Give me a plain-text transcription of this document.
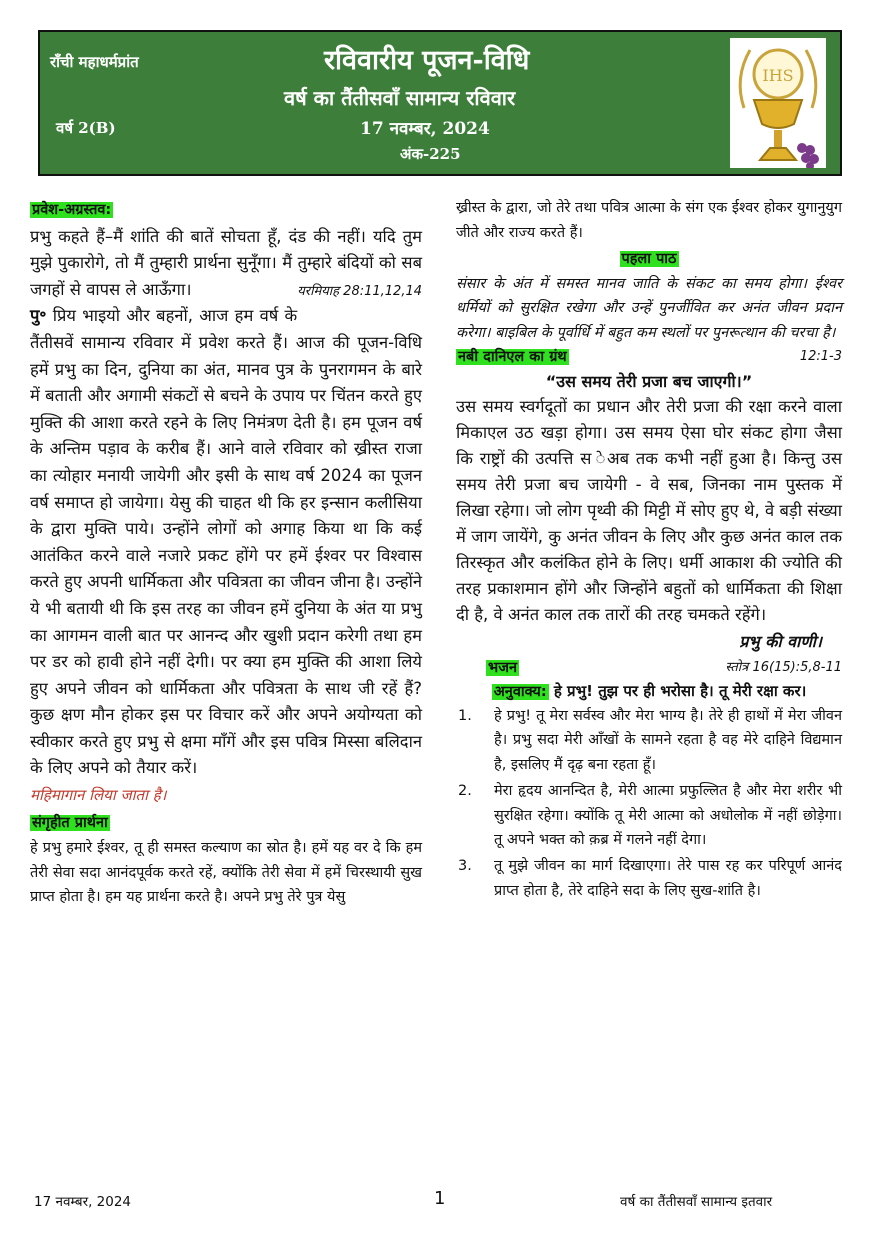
राँची महाधर्मप्रांत	रविवारीय पूजन-विधि
वर्ष का तैंतीसवाँ सामान्य रविवार
वर्ष 2(B)	17 नवम्बर, 2024
अंक-225
IHS

प्रवेश-अग्रस्तव:

प्रभु कहते हैं–मैं शांति की बातें सोचता हूँ, दंड की नहीं। यदि तुम मुझे पुकारोगे, तो मैं तुम्हारी प्रार्थना सुनूँगा। मैं तुम्हारे बंदियों को सब जगहों से वापस ले आऊँगा।	यरमियाह 28:11,12,14

पु॰ प्रिय भाइयो और बहनों, आज हम वर्ष के तैंतीसवें सामान्य रविवार में प्रवेश करते हैं। आज की पूजन-विधि हमें प्रभु का दिन, दुनिया का अंत, मानव पुत्र के पुनरागमन के बारे में बताती और अगामी संकटों से बचने के उपाय पर चिंतन करते हुए मुक्ति की आशा करते रहने के लिए निमंत्रण देती है। हम पूजन वर्ष के अन्तिम पड़ाव के करीब हैं। आने वाले रविवार को ख्रीस्त राजा का त्योहार मनायी जायेगी और इसी के साथ वर्ष 2024 का पूजन वर्ष समाप्त हो जायेगा। येसु की चाहत थी कि हर इन्सान कलीसिया के द्वारा मुक्ति पाये। उन्होंने लोगों को अगाह किया था कि कई आतंकित करने वाले नजारे प्रकट होंगे पर हमें ईश्वर पर विश्वास करते हुए अपनी धार्मिकता और पवित्रता का जीवन जीना है। उन्होंने ये भी बतायी थी कि इस तरह का जीवन हमें दुनिया के अंत या प्रभु का आगमन वाली बात पर आनन्द और खुशी प्रदान करेगी तथा हम पर डर को हावी होने नहीं देगी। पर क्या हम मुक्ति की आशा लिये हुए अपने जीवन को धार्मिकता और पवित्रता के साथ जी रहें हैं? कुछ क्षण मौन होकर इस पर विचार करें और अपने अयोग्यता को स्वीकार करते हुए प्रभु से क्षमा माँगें और इस पवित्र मिस्सा बलिदान के लिए अपने को तैयार करें।

महिमागान लिया जाता है।

संगृहीत प्रार्थना

हे प्रभु हमारे ईश्वर, तू ही समस्त कल्याण का स्रोत है। हमें यह वर दे कि हम तेरी सेवा सदा आनंदपूर्वक करते रहें, क्योंकि तेरी सेवा में हमें चिरस्थायी सुख प्राप्त होता है। हम यह प्रार्थना करते है। अपने प्रभु तेरे पुत्र येसु

ख्रीस्त के द्वारा, जो तेरे तथा पवित्र आत्मा के संग एक ईश्वर होकर युगानुयुग जीते और राज्य करते हैं।

पहला पाठ

संसार के अंत में समस्त मानव जाति के संकट का समय होगा। ईश्वर धर्मियों को सुरक्षित रखेगा और उन्हें पुनर्जीवित कर अनंत जीवन प्रदान करेगा। बाइबिल के पूर्वार्धि में बहुत कम स्थलों पर पुनरूत्थान की चरचा है।

नबी दानिएल का ग्रंथ	12:1-3

“उस समय तेरी प्रजा बच जाएगी।”

उस समय स्वर्गदूतों का प्रधान और तेरी प्रजा की रक्षा करने वाला मिकाएल उठ खड़ा होगा। उस समय ऐसा घोर संकट होगा जैसा कि राष्ट्रों की उत्पत्ति स ेअब तक कभी नहीं हुआ है। किन्तु उस समय तेरी प्रजा बच जायेगी - वे सब, जिनका नाम पुस्तक में लिखा रहेगा। जो लोग पृथ्वी की मिट्टी में सोए हुए थे, वे बड़ी संख्या में जाग जायेंगे, कु अनंत जीवन के लिए और कुछ अनंत काल तक तिरस्कृत और कलंकित होने के लिए। धर्मी आकाश की ज्योति की तरह प्रकाशमान होंगे और जिन्होंने बहुतों को धार्मिकता की शिक्षा दी है, वे अनंत काल तक तारों की तरह चमकते रहेंगे।

प्रभु की वाणी।

भजन	स्तोत्र 16(15):5,8-11

अनुवाक्य: हे प्रभु! तुझ पर ही भरोसा है। तू मेरी रक्षा कर।

1. हे प्रभु! तू मेरा सर्वस्व और मेरा भाग्य है। तेरे ही हाथों में मेरा जीवन है। प्रभु सदा मेरी आँखों के सामने रहता है वह मेरे दाहिने विद्यमान है, इसलिए मैं दृढ़ बना रहता हूँ।
2. मेरा हृदय आनन्दित है, मेरी आत्मा प्रफुल्लित है और मेरा शरीर भी सुरक्षित रहेगा। क्योंकि तू मेरी आत्मा को अधोलोक में नहीं छोड़ेगा। तू अपने भक्त को क़ब्र में गलने नहीं देगा।
3. तू मुझे जीवन का मार्ग दिखाएगा। तेरे पास रह कर परिपूर्ण आनंद प्राप्त होता है, तेरे दाहिने सदा के लिए सुख-शांति है।
17 नवम्बर, 2024	1	वर्ष का तैंतीसवाँ सामान्य इतवार
